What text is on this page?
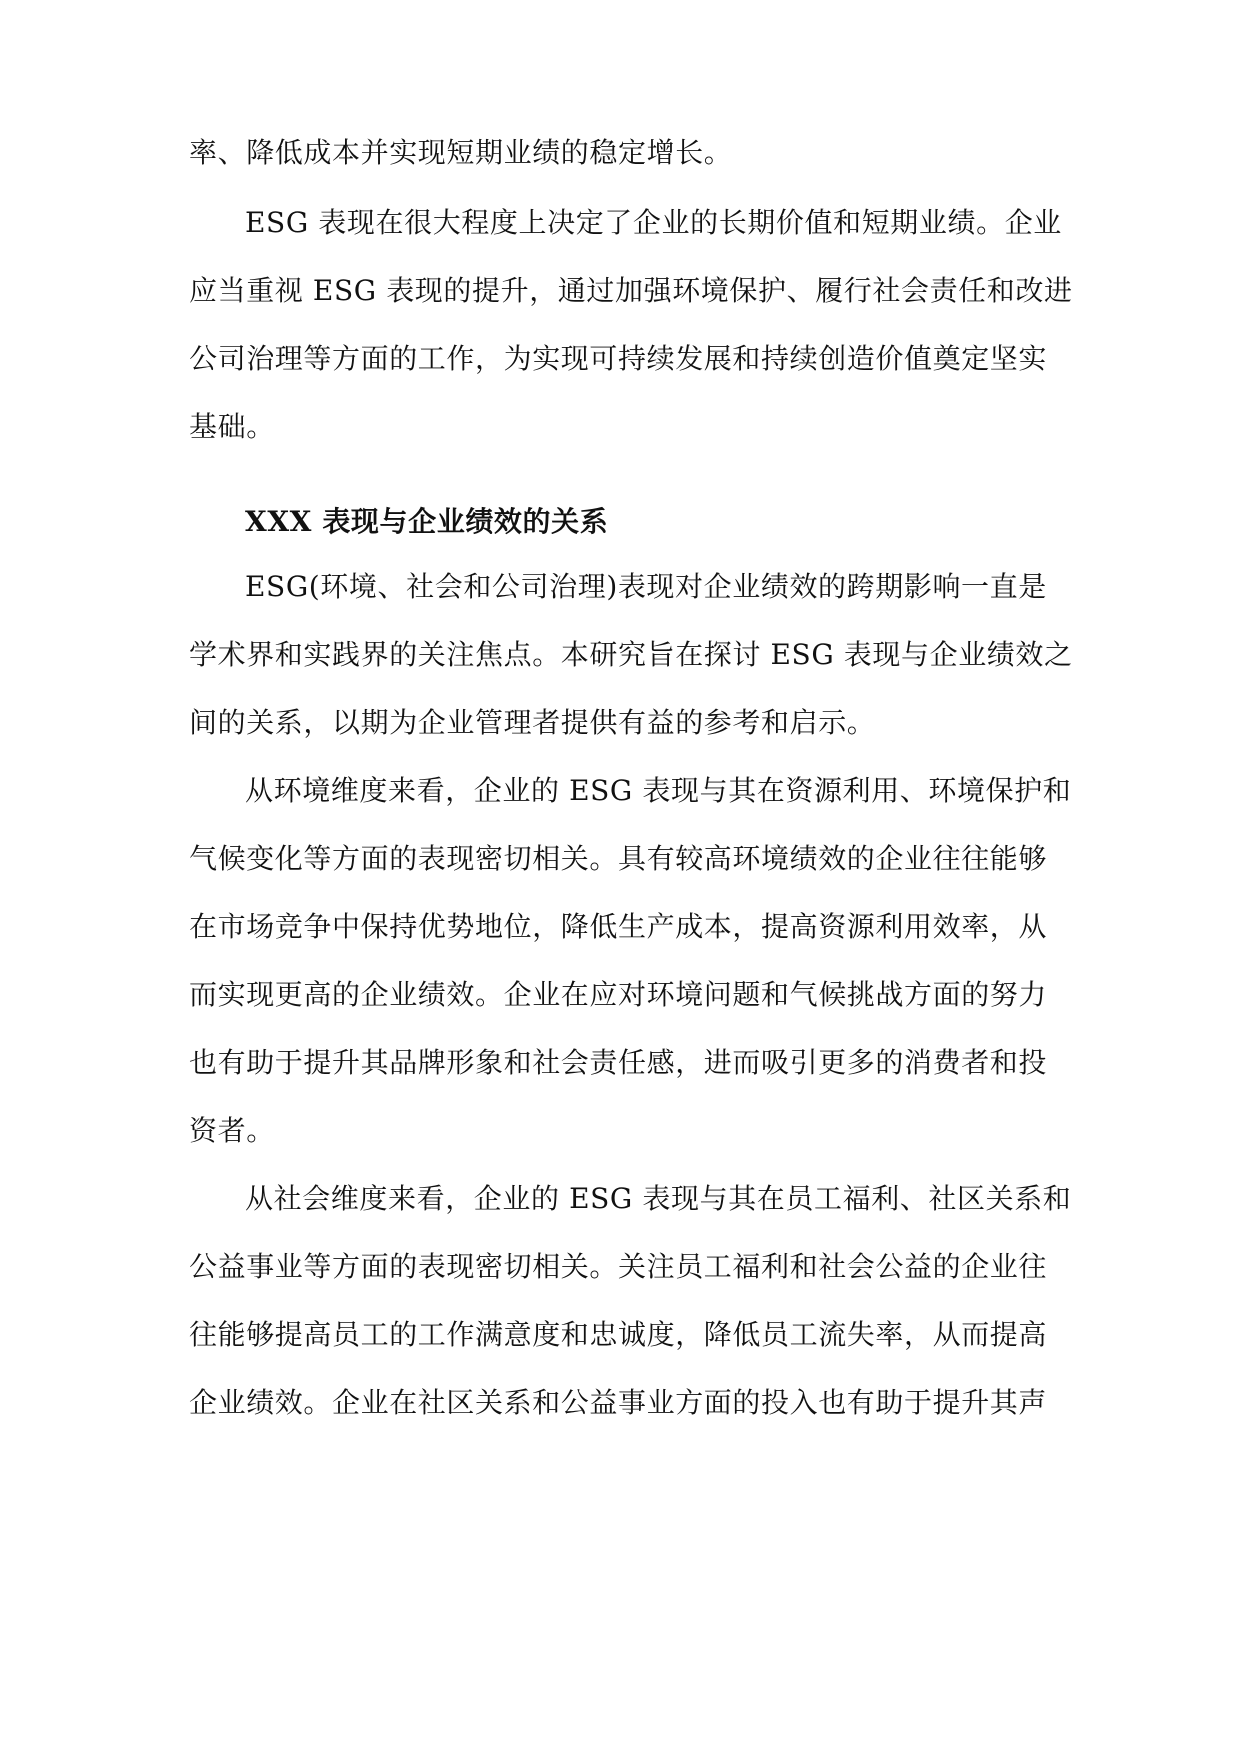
率、降低成本并实现短期业绩的稳定增长。
ESG 表现在很大程度上决定了企业的长期价值和短期业绩。企业
应当重视 ESG 表现的提升，通过加强环境保护、履行社会责任和改进
公司治理等方面的工作，为实现可持续发展和持续创造价值奠定坚实
基础。
XXX 表现与企业绩效的关系
ESG(环境、社会和公司治理)表现对企业绩效的跨期影响一直是
学术界和实践界的关注焦点。本研究旨在探讨 ESG 表现与企业绩效之
间的关系，以期为企业管理者提供有益的参考和启示。
从环境维度来看，企业的 ESG 表现与其在资源利用、环境保护和
气候变化等方面的表现密切相关。具有较高环境绩效的企业往往能够
在市场竞争中保持优势地位，降低生产成本，提高资源利用效率，从
而实现更高的企业绩效。企业在应对环境问题和气候挑战方面的努力
也有助于提升其品牌形象和社会责任感，进而吸引更多的消费者和投
资者。
从社会维度来看，企业的 ESG 表现与其在员工福利、社区关系和
公益事业等方面的表现密切相关。关注员工福利和社会公益的企业往
往能够提高员工的工作满意度和忠诚度，降低员工流失率，从而提高
企业绩效。企业在社区关系和公益事业方面的投入也有助于提升其声
